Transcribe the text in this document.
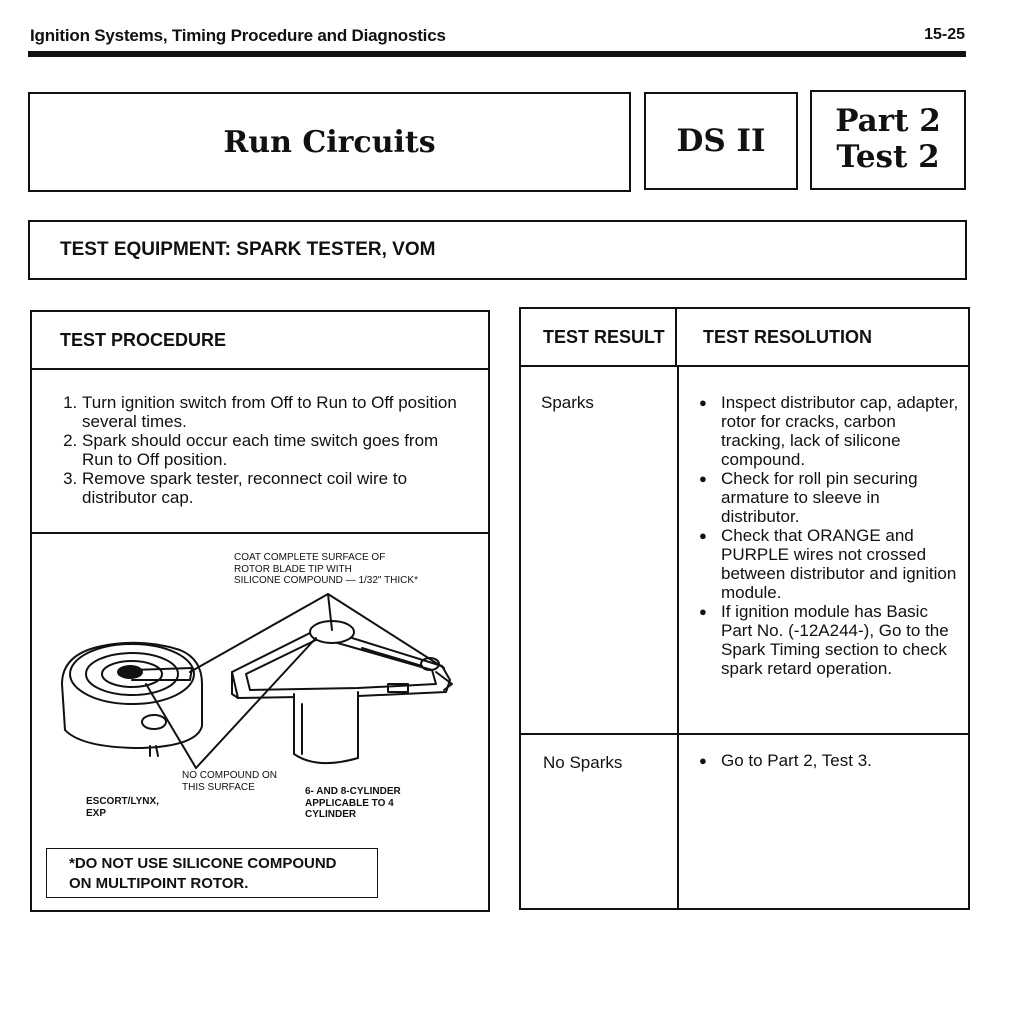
Ignition Systems, Timing Procedure and Diagnostics	15-25
Run Circuits	DS II
Part 2
Test 2
TEST EQUIPMENT: SPARK TESTER, VOM
TEST PROCEDURE
1. Turn ignition switch from Off to Run to Off position several times.
2. Spark should occur each time switch goes from Run to Off position.
3. Remove spark tester, reconnect coil wire to distributor cap.
COAT COMPLETE SURFACE OF
ROTOR BLADE TIP WITH
SILICONE COMPOUND — 1/32" THICK*
NO COMPOUND ON
THIS SURFACE
ESCORT/LYNX,
EXP
6- AND 8-CYLINDER
APPLICABLE TO 4
CYLINDER
*DO NOT USE SILICONE COMPOUND
ON MULTIPOINT ROTOR.
TEST RESULT TEST RESOLUTION
Sparks	● Inspect distributor cap, adapter, rotor for cracks, carbon tracking, lack of silicone compound.
● Check for roll pin securing armature to sleeve in distributor.
● Check that ORANGE and PURPLE wires not crossed between distributor and ignition module.
● If ignition module has Basic Part No. (-12A244-), Go to the Spark Timing section to check spark retard operation.
No Sparks	● Go to Part 2, Test 3.
